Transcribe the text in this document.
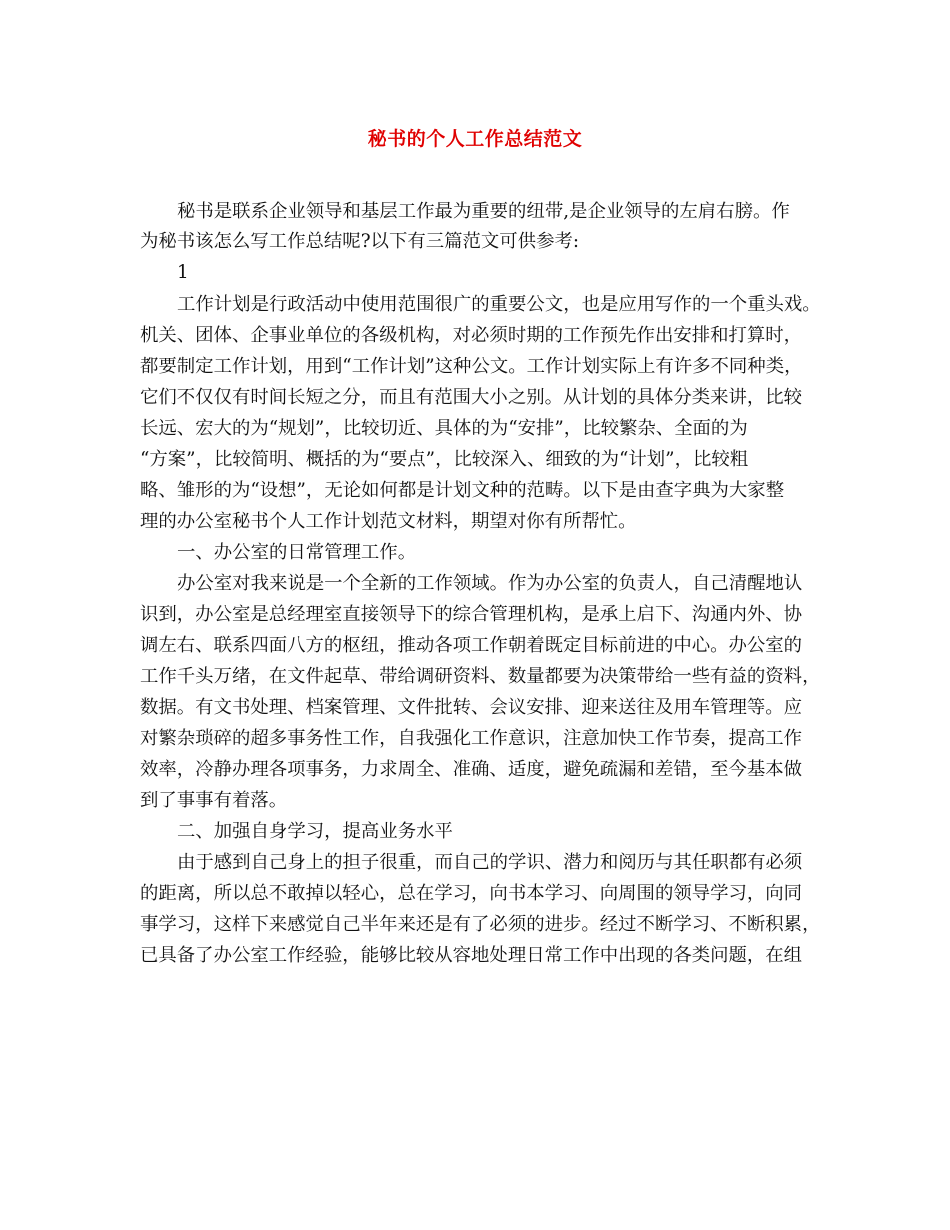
秘书的个人工作总结范文
秘书是联系企业领导和基层工作最为重要的纽带,是企业领导的左肩右膀。作
为秘书该怎么写工作总结呢?以下有三篇范文可供参考:
1
工作计划是行政活动中使用范围很广的重要公文，也是应用写作的一个重头戏。
机关、团体、企事业单位的各级机构，对必须时期的工作预先作出安排和打算时，
都要制定工作计划，用到“工作计划”这种公文。工作计划实际上有许多不同种类，
它们不仅仅有时间长短之分，而且有范围大小之别。从计划的具体分类来讲，比较
长远、宏大的为“规划”，比较切近、具体的为“安排”，比较繁杂、全面的为
“方案”，比较简明、概括的为“要点”，比较深入、细致的为“计划”，比较粗
略、雏形的为“设想”，无论如何都是计划文种的范畴。以下是由查字典为大家整
理的办公室秘书个人工作计划范文材料，期望对你有所帮忙。
一、办公室的日常管理工作。
办公室对我来说是一个全新的工作领域。作为办公室的负责人，自己清醒地认
识到，办公室是总经理室直接领导下的综合管理机构，是承上启下、沟通内外、协
调左右、联系四面八方的枢纽，推动各项工作朝着既定目标前进的中心。办公室的
工作千头万绪，在文件起草、带给调研资料、数量都要为决策带给一些有益的资料，
数据。有文书处理、档案管理、文件批转、会议安排、迎来送往及用车管理等。应
对繁杂琐碎的超多事务性工作，自我强化工作意识，注意加快工作节奏，提高工作
效率，冷静办理各项事务，力求周全、准确、适度，避免疏漏和差错，至今基本做
到了事事有着落。
二、加强自身学习，提高业务水平
由于感到自己身上的担子很重，而自己的学识、潜力和阅历与其任职都有必须
的距离，所以总不敢掉以轻心，总在学习，向书本学习、向周围的领导学习，向同
事学习，这样下来感觉自己半年来还是有了必须的进步。经过不断学习、不断积累，
已具备了办公室工作经验，能够比较从容地处理日常工作中出现的各类问题，在组
